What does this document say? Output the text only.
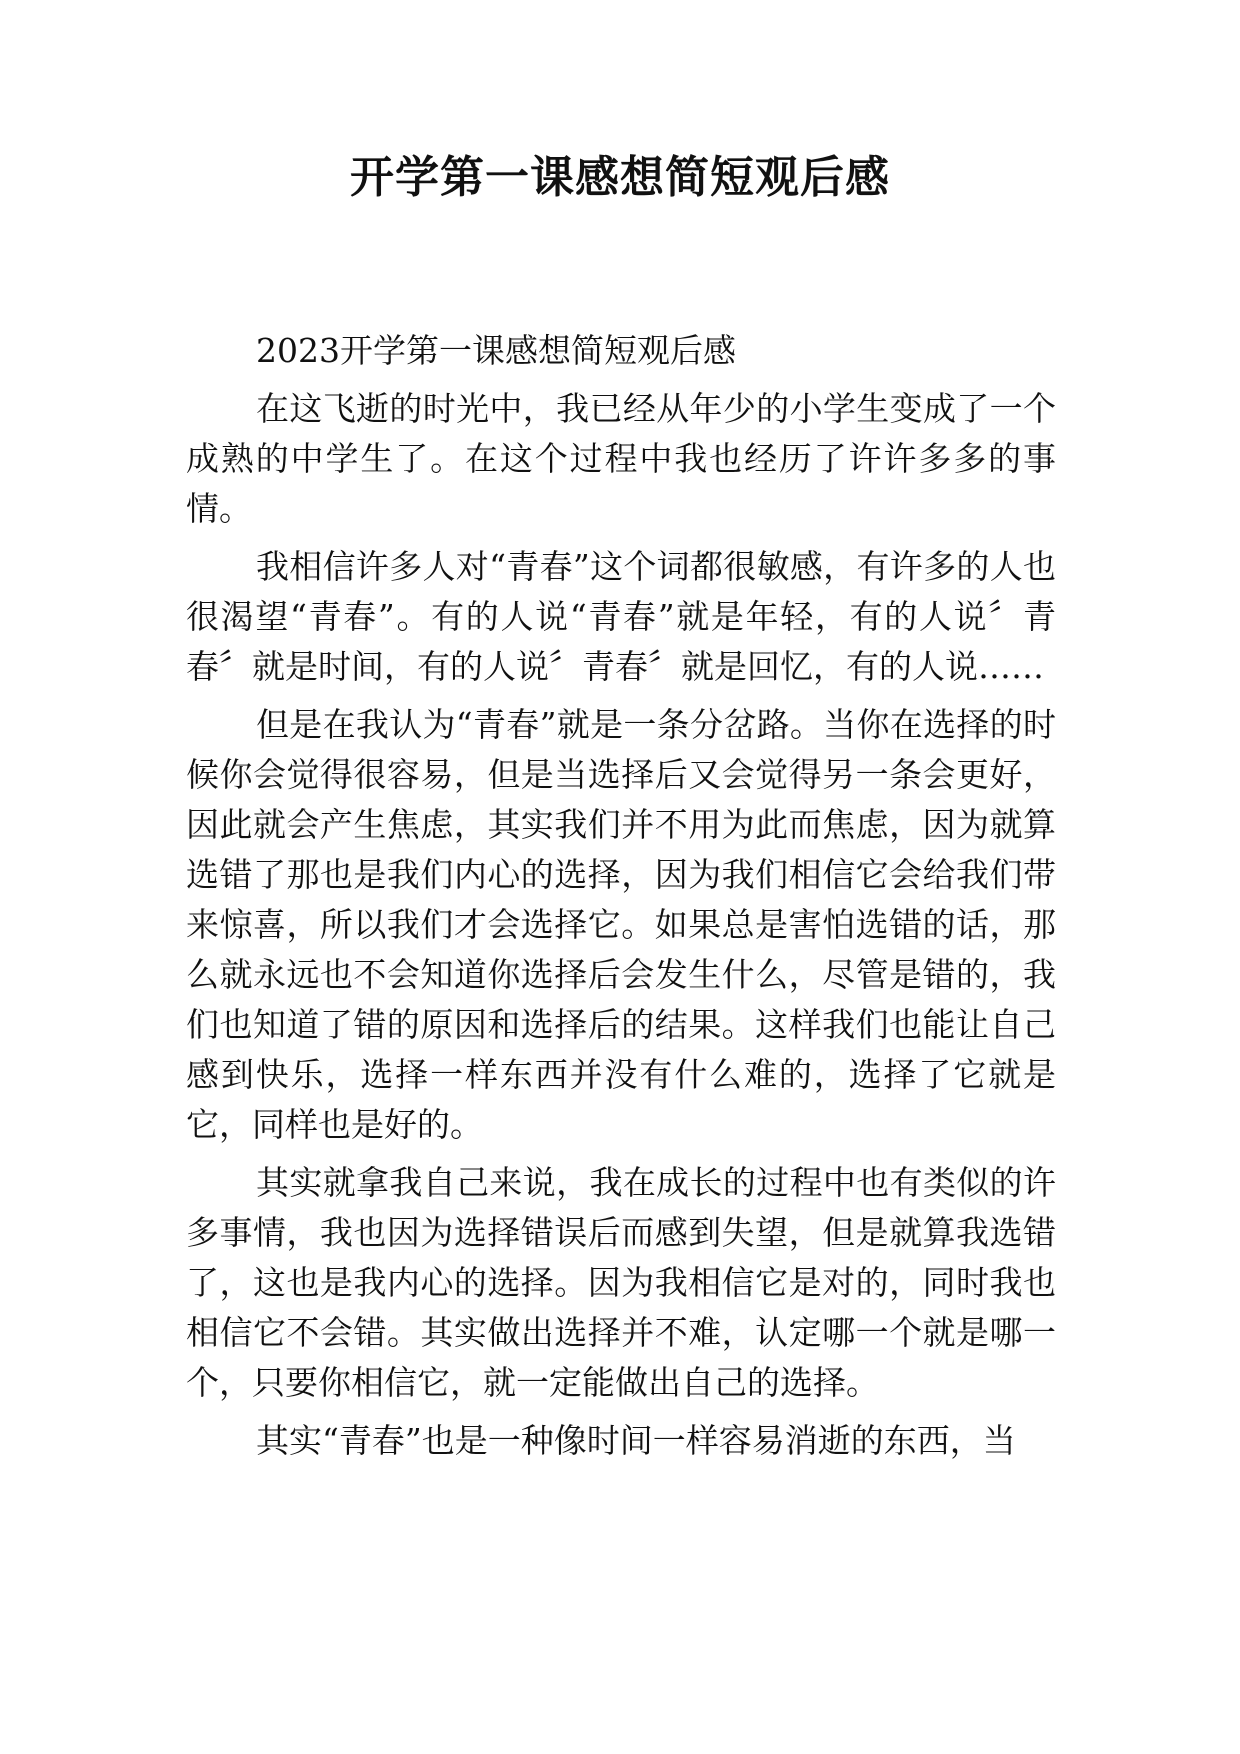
开学第一课感想简短观后感

2023开学第一课感想简短观后感

在这飞逝的时光中，我已经从年少的小学生变成了一个成熟的中学生了。在这个过程中我也经历了许许多多的事情。

我相信许多人对“青春”这个词都很敏感，有许多的人也很渴望“青春”。有的人说“青春”就是年轻，有的人说〞青春〞就是时间，有的人说〞青春〞就是回忆，有的人说……

但是在我认为“青春”就是一条分岔路。当你在选择的时候你会觉得很容易，但是当选择后又会觉得另一条会更好，因此就会产生焦虑，其实我们并不用为此而焦虑，因为就算选错了那也是我们内心的选择，因为我们相信它会给我们带来惊喜，所以我们才会选择它。如果总是害怕选错的话，那么就永远也不会知道你选择后会发生什么，尽管是错的，我们也知道了错的原因和选择后的结果。这样我们也能让自己感到快乐，选择一样东西并没有什么难的，选择了它就是它，同样也是好的。

其实就拿我自己来说，我在成长的过程中也有类似的许多事情，我也因为选择错误后而感到失望，但是就算我选错了，这也是我内心的选择。因为我相信它是对的，同时我也相信它不会错。其实做出选择并不难，认定哪一个就是哪一个，只要你相信它，就一定能做出自己的选择。

其实“青春”也是一种像时间一样容易消逝的东西，当
